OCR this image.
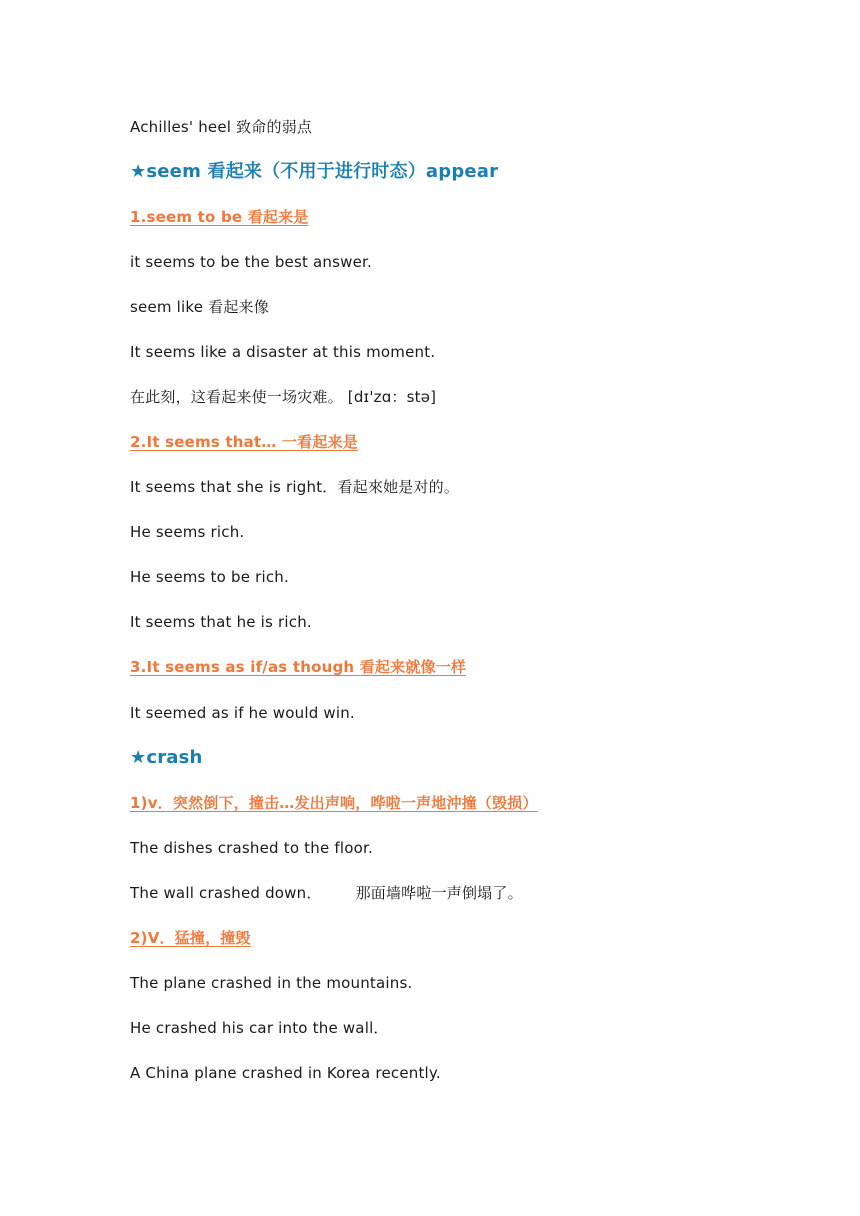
Achilles' heel 致命的弱点
★seem 看起来（不用于进行时态）appear
1.seem to be 看起来是
it seems to be the best answer.
seem like 看起来像
It seems like a disaster at this moment.
在此刻，这看起来使一场灾难。 [dɪ'zɑ：stə]
2.It seems that… 一看起来是
It seems that she is right．看起來她是对的。
He seems rich.
He seems to be rich.
It seems that he is rich.
3.It seems as if/as though 看起来就像一样
It seemed as if he would win.
★crash
1)v．突然倒下，撞击…发出声响，哗啦一声地沖撞（毁损）
The dishes crashed to the floor.
The wall crashed down． 那面墙哗啦一声倒塌了。
2)V．猛撞，撞毁
The plane crashed in the mountains.
He crashed his car into the wall．
A China plane crashed in Korea recently.
